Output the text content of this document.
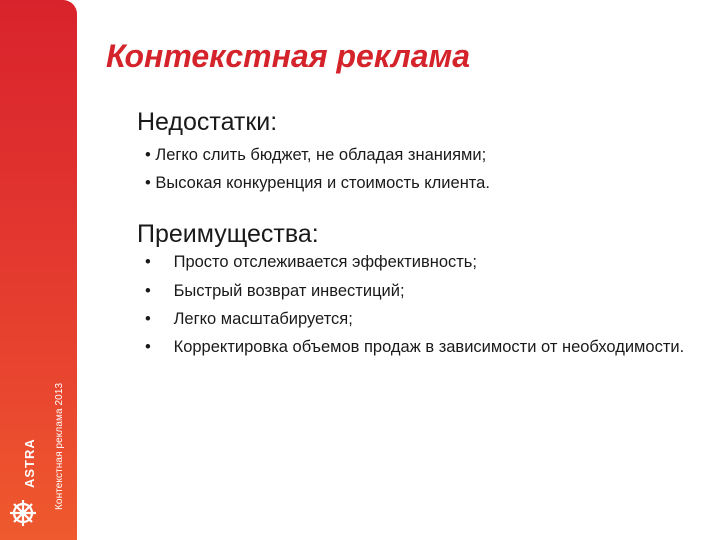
ASTRA Контекстная реклама 2013
Контекстная реклама
Недостатки:
• Легко слить бюджет, не обладая знаниями;
• Высокая конкуренция и стоимость клиента.
Преимущества:
• Просто отслеживается эффективность;
• Быстрый возврат инвестиций;
• Легко масштабируется;
• Корректировка объемов продаж в зависимости от необходимости.
